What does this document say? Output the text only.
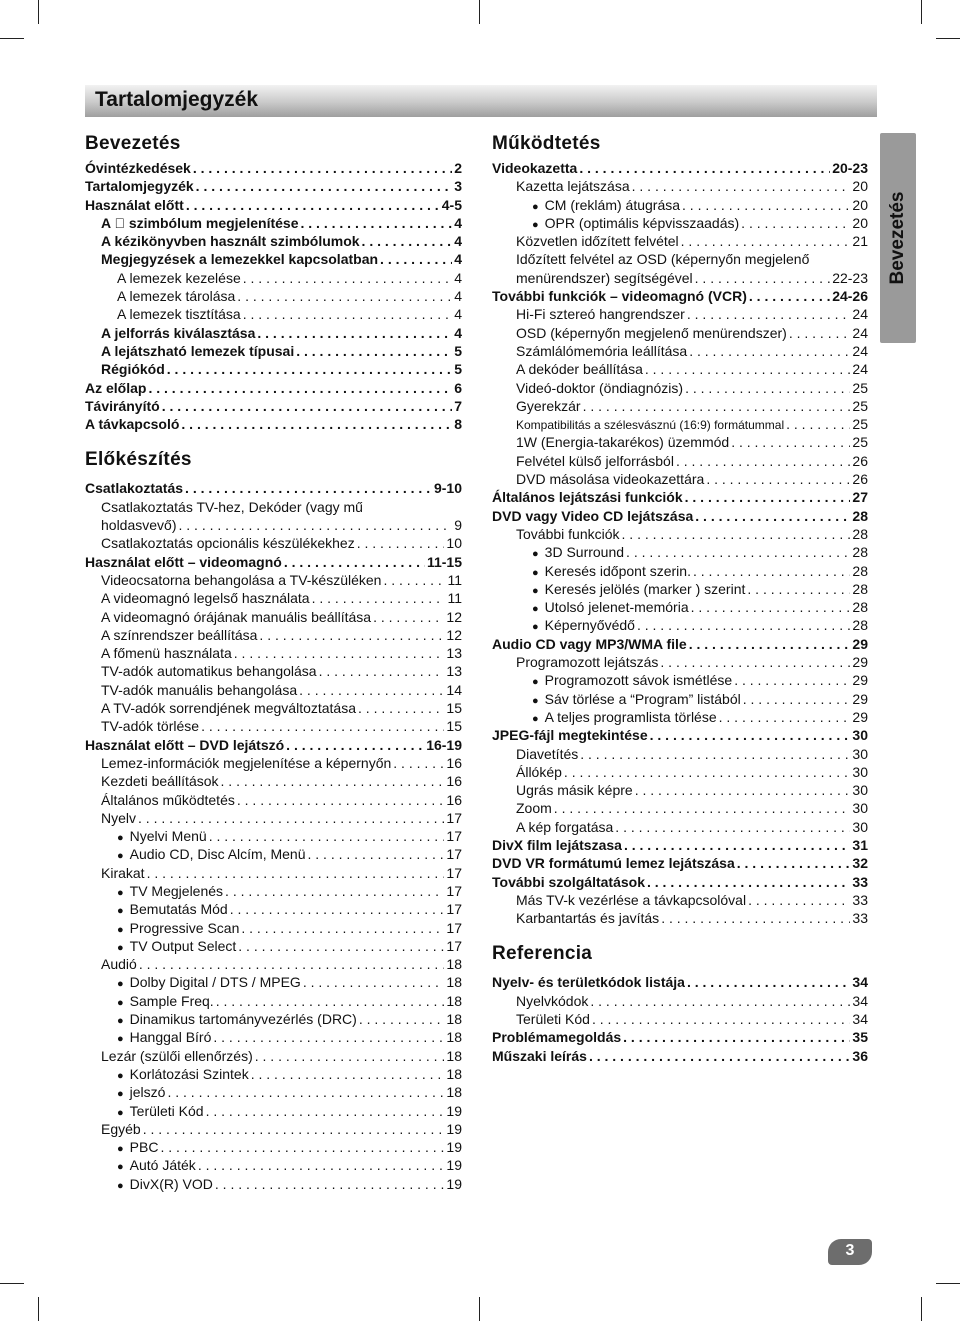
Tartalomjegyzék
Bevezetés
Óvintézkedések . . .	2
Tartalomjegyzék . . .	3
Használat előtt . . .	4-5
A ⃠ szimbólum megjelenítése . . .	4
A kézikönyvben használt szimbólumok . . .	4
Megjegyzések a lemezekkel kapcsolatban . . .	4
A lemezek kezelése . . .	4
A lemezek tárolása . . .	4
A lemezek tisztítása . . .	4
A jelforrás kiválasztása . . .	4
A lejátszható lemezek típusai . . .	5
Régiókód . . .	5
Az előlap . . .	6
Távirányító . . .	7
A távkapcsoló . . .	8
Előkészítés
Csatlakoztatás . . .	9-10
Csatlakoztatás TV-hez, Dekóder (vagy mű
holdasvevő) . . .	9
Csatlakoztatás opcionális készülékekhez . . .	10
Használat előtt – videomagnó . . .	11-15
Videocsatorna behangolása a TV-készüléken . . .	11
A videomagnó legelső használata . . .	11
A videomagnó órájának manuális beállítása . . .	12
A színrendszer beállítása . . .	12
A főmenü használata . . .	13
TV-adók automatikus behangolása . . .	13
TV-adók manuális behangolása . . .	14
A TV-adók sorrendjének megváltoztatása . . .	15
TV-adók törlése . . .	15
Használat előtt – DVD lejátszó . . .	16-19
Lemez-információk megjelenítése a képernyőn . . .	16
Kezdeti beállítások . . .	16
Általános működtetés . . .	16
Nyelv . . .	17
● Nyelvi Menü . . .	17
● Audio CD, Disc Alcím, Menü . . .	17
Kirakat . . .	17
● TV Megjelenés . . .	17
● Bemutatás Mód . . .	17
● Progressive Scan . . .	17
● TV Output Select . . .	17
Audió . . .	18
● Dolby Digital / DTS / MPEG . . .	18
● Sample Freq. . . .	18
● Dinamikus tartományvezérlés (DRC) . . .	18
● Hanggal Bíró . . .	18
Lezár (szülői ellenőrzés) . . .	18
● Korlátozási Szintek . . .	18
● jelszó . . .	18
● Területi Kód . . .	19
Egyéb . . .	19
● PBC . . .	19
● Autó Játék . . .	19
● DivX(R) VOD . . .	19
Működtetés
Videokazetta . . .	20-23
Kazetta lejátszása . . .	20
● CM (reklám) átugrása . . .	20
● OPR (optimális képvisszaadás) . . .	20
Közvetlen időzített felvétel . . .	21
Időzített felvétel az OSD (képernyőn megjelenő
menürendszer) segítségével . . .	22-23
További funkciók – videomagnó (VCR) . . .	24-26
Hi-Fi sztereó hangrendszer . . .	24
OSD (képernyőn megjelenő menürendszer) . . .	24
Számlálómemória leállítása . . .	24
A dekóder beállítása . . .	24
Videó-doktor (öndiagnózis) . . .	25
Gyerekzár . . .	25
Kompatibilitás a szélesvásznú (16:9) formátummal . . .	25
1W (Energia-takarékos) üzemmód . . .	25
Felvétel külső jelforrásból . . .	26
DVD másolása videokazettára . . .	26
Általános lejátszási funkciók . . .	27
DVD vagy Video CD lejátszása . . .	28
További funkciók . . .	28
● 3D Surround . . .	28
● Keresés időpont szerin. . . .	28
● Keresés jelölés (marker ) szerint . . .	28
● Utolsó jelenet-memória . . .	28
● Képernyővédő . . .	28
Audio CD vagy MP3/WMA file . . .	29
Programozott lejátszás . . .	29
● Programozott sávok ismétlése . . .	29
● Sáv törlése a “Program” listából . . .	29
● A teljes programlista törlése . . .	29
JPEG-fájl megtekintése . . .	30
Diavetítés . . .	30
Állókép . . .	30
Ugrás másik képre . . .	30
Zoom . . .	30
A kép forgatása . . .	30
DivX film lejátszasa . . .	31
DVD VR formátumú lemez lejátszása . . .	32
További szolgáltatások . . .	33
Más TV-k vezérlése a távkapcsolóval . . .	33
Karbantartás és javítás . . .	33
Referencia
Nyelv- és területkódok listája . . .	34
Nyelvkódok . . .	34
Területi Kód . . .	34
Problémamegoldás . . .	35
Műszaki leírás . . .	36
Bevezetés
3
